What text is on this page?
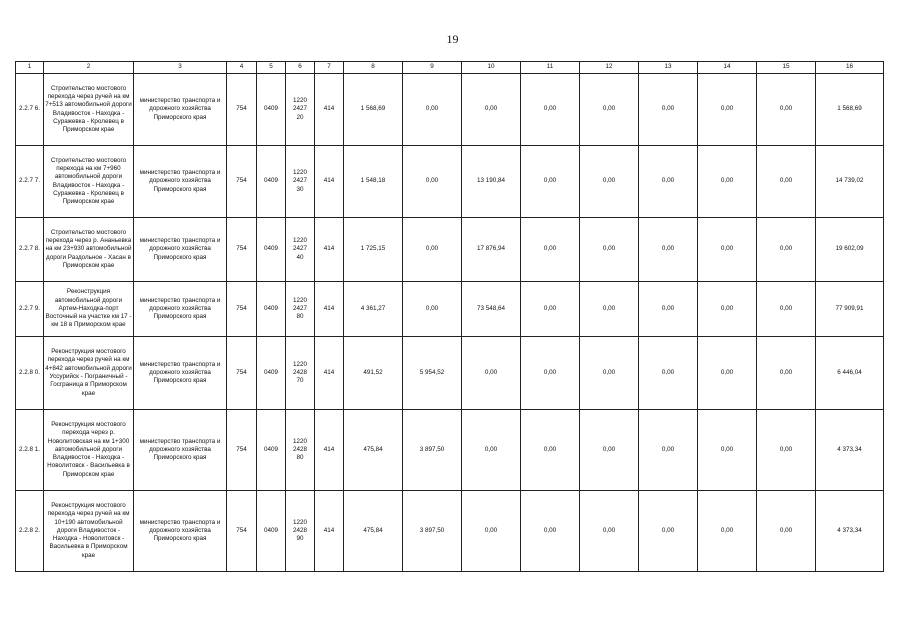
19
1	2	3	4	5	6	7	8	9	10	11	12	13	14	15	16
2.2.7 6.	Строительство мостового перехода через ручей на км 7+513 автомобильной дороги Владивосток - Находка - Суражевка - Кролевец в Приморском крае	министерство транспорта и дорожного хозяйства Приморского края	754	0409	1220
2427
20	414	1 568,69	0,00	0,00	0,00	0,00	0,00	0,00	0,00	1 568,69
2.2.7 7.	Строительство мостового перехода на км 7+960 автомобильной дороги Владивосток - Находка - Суражевка - Кролевец в Приморском крае	министерство транспорта и дорожного хозяйства Приморского края	754	0409	1220
2427
30	414	1 548,18	0,00	13 190,84	0,00	0,00	0,00	0,00	0,00	14 739,02
2.2.7 8.	Строительство мостового перехода через р. Ананьевка на км 23+930 автомобильной дороги Раздольное - Хасан в Приморском крае	министерство транспорта и дорожного хозяйства Приморского края	754	0409	1220
2427
40	414	1 725,15	0,00	17 876,94	0,00	0,00	0,00	0,00	0,00	19 602,09
2.2.7 9.	Реконструкция автомобильной дороги Артем-Находка-порт Восточный на участке км 17 - км 18 в Приморском крае	министерство транспорта и дорожного хозяйства Приморского края	754	0409	1220
2427
80	414	4 361,27	0,00	73 548,64	0,00	0,00	0,00	0,00	0,00	77 909,91
2.2.8 0.	Реконструкция мостового перехода через ручей на км 4+842 автомобильной дороги Уссурийск - Пограничный - Госграница в Приморском крае	министерство транспорта и дорожного хозяйства Приморского края	754	0409	1220
2428
70	414	491,52	5 954,52	0,00	0,00	0,00	0,00	0,00	0,00	6 446,04
2.2.8 1.	Реконструкция мостового перехода через р. Новолитовская на км 1+300 автомобильной дороги Владивосток - Находка - Новолитовск - Васильевка в Приморском крае	министерство транспорта и дорожного хозяйства Приморского края	754	0409	1220
2428
80	414	475,84	3 897,50	0,00	0,00	0,00	0,00	0,00	0,00	4 373,34
2.2.8 2.	Реконструкция мостового перехода через ручей на км 10+190 автомобильной дороги Владивосток - Находка - Новолитовск - Васильевка в Приморском крае	министерство транспорта и дорожного хозяйства Приморского края	754	0409	1220
2428
90	414	475,84	3 897,50	0,00	0,00	0,00	0,00	0,00	0,00	4 373,34
